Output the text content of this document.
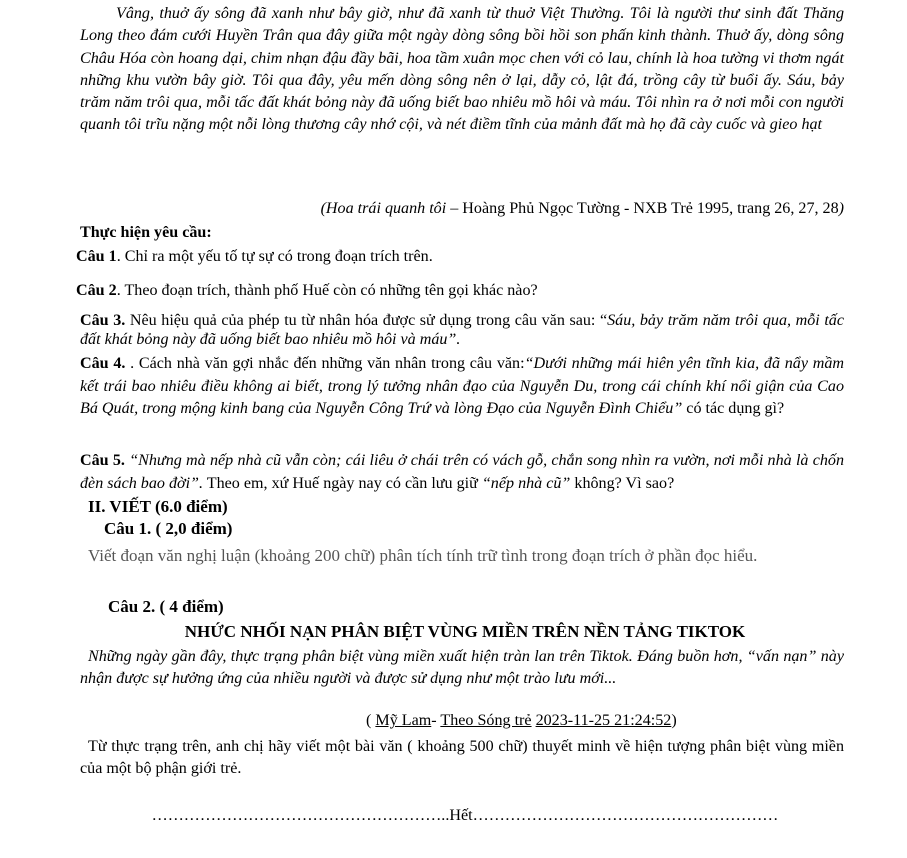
Vâng, thuở ấy sông đã xanh như bây giờ, như đã xanh từ thuở Việt Thường. Tôi là người thư sinh đất Thăng Long theo đám cưới Huyền Trân qua đây giữa một ngày dòng sông bồi hồi son phấn kinh thành. Thuở ấy, dòng sông Châu Hóa còn hoang dại, chim nhạn đậu đầy bãi, hoa tầm xuân mọc chen với cỏ lau, chính là hoa tường vi thơm ngát những khu vườn bây giờ. Tôi qua đây, yêu mến dòng sông nên ở lại, dẫy cỏ, lật đá, trồng cây từ buổi ấy. Sáu, bảy trăm năm trôi qua, mỗi tấc đất khát bỏng này đã uống biết bao nhiêu mồ hôi và máu. Tôi nhìn ra ở nơi mỗi con người quanh tôi trĩu nặng một nỗi lòng thương cây nhớ cội, và nét điềm tĩnh của mảnh đất mà họ đã cày cuốc và gieo hạt

(Hoa trái quanh tôi – Hoàng Phủ Ngọc Tường - NXB Trẻ 1995, trang 26, 27, 28)

Thực hiện yêu cầu:

Câu 1. Chỉ ra một yếu tố tự sự có trong đoạn trích trên.

Câu 2. Theo đoạn trích, thành phố Huế còn có những tên gọi khác nào?

Câu 3. Nêu hiệu quả của phép tu từ nhân hóa được sử dụng trong câu văn sau: “Sáu, bảy trăm năm trôi qua, mỗi tấc đất khát bỏng này đã uống biết bao nhiêu mồ hôi và máu”.

Câu 4. . Cách nhà văn gợi nhắc đến những văn nhân trong câu văn:“Dưới những mái hiên yên tĩnh kia, đã nẩy mầm kết trái bao nhiêu điều không ai biết, trong lý tưởng nhân đạo của Nguyễn Du, trong cái chính khí nổi giận của Cao Bá Quát, trong mộng kinh bang của Nguyễn Công Trứ và lòng Đạo của Nguyễn Đình Chiểu” có tác dụng gì?

Câu 5. “Nhưng mà nếp nhà cũ vẫn còn; cái liêu ở chái trên có vách gỗ, chắn song nhìn ra vườn, nơi mỗi nhà là chốn đèn sách bao đời”. Theo em, xứ Huế ngày nay có cần lưu giữ “nếp nhà cũ” không? Vì sao?

II. VIẾT (6.0 điểm)

Câu 1. ( 2,0 điểm)

Viết đoạn văn nghị luận (khoảng 200 chữ) phân tích tính trữ tình trong đoạn trích ở phần đọc hiểu.

Câu 2. ( 4 điểm)

NHỨC NHỐI NẠN PHÂN BIỆT VÙNG MIỀN TRÊN NỀN TẢNG TIKTOK

Những ngày gần đây, thực trạng phân biệt vùng miền xuất hiện tràn lan trên Tiktok. Đáng buồn hơn, “vấn nạn” này nhận được sự hưởng ứng của nhiều người và được sử dụng như một trào lưu mới...

( Mỹ Lam- Theo Sóng trẻ 2023-11-25 21:24:52)

Từ thực trạng trên, anh chị hãy viết một bài văn ( khoảng 500 chữ) thuyết minh về hiện tượng phân biệt vùng miền của một bộ phận giới trẻ.

………………………………………………..Hết…………………………………………………
